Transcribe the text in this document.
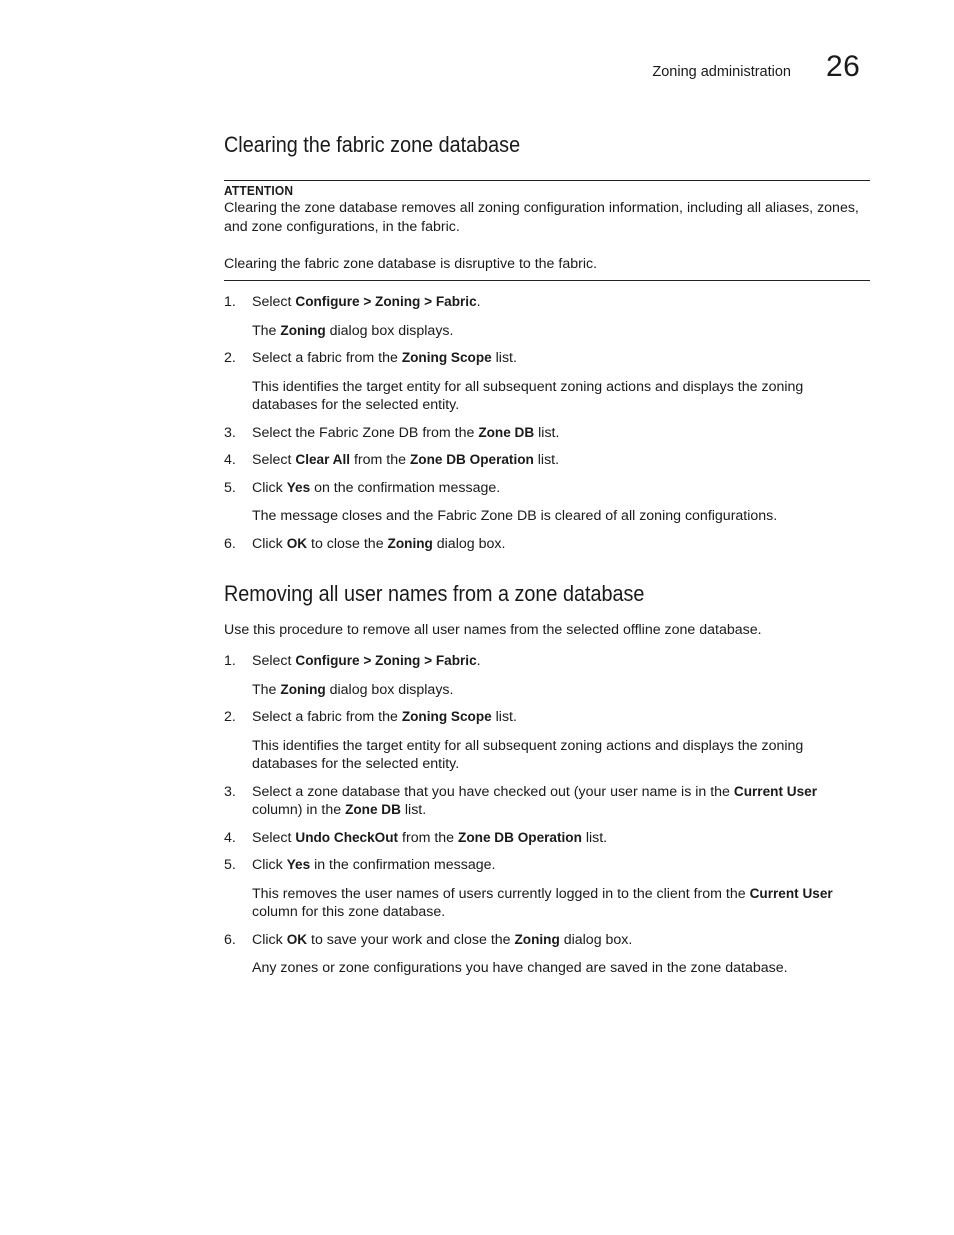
Zoning administration 26
Clearing the fabric zone database
ATTENTION

Clearing the zone database removes all zoning configuration information, including all aliases, zones, and zone configurations, in the fabric.

Clearing the fabric zone database is disruptive to the fabric.

1. Select Configure > Zoning > Fabric.
The Zoning dialog box displays.
2. Select a fabric from the Zoning Scope list.
This identifies the target entity for all subsequent zoning actions and displays the zoning databases for the selected entity.
3. Select the Fabric Zone DB from the Zone DB list.
4. Select Clear All from the Zone DB Operation list.
5. Click Yes on the confirmation message.
The message closes and the Fabric Zone DB is cleared of all zoning configurations.
6. Click OK to close the Zoning dialog box.
Removing all user names from a zone database

Use this procedure to remove all user names from the selected offline zone database.

1. Select Configure > Zoning > Fabric.
The Zoning dialog box displays.
2. Select a fabric from the Zoning Scope list.
This identifies the target entity for all subsequent zoning actions and displays the zoning databases for the selected entity.
3. Select a zone database that you have checked out (your user name is in the Current User column) in the Zone DB list.
4. Select Undo CheckOut from the Zone DB Operation list.
5. Click Yes in the confirmation message.
This removes the user names of users currently logged in to the client from the Current User column for this zone database.
6. Click OK to save your work and close the Zoning dialog box.
Any zones or zone configurations you have changed are saved in the zone database.
